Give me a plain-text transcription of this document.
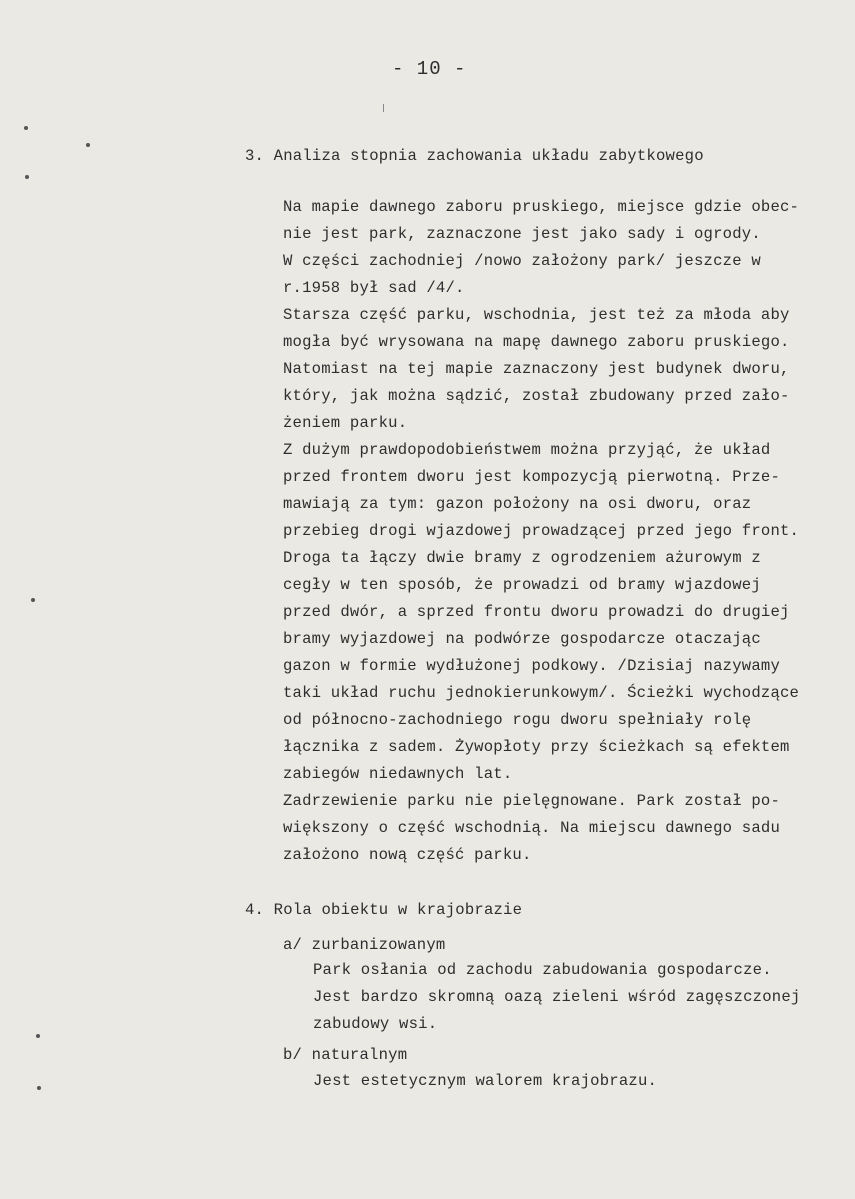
- 10 -
3. Analiza stopnia zachowania układu zabytkowego
Na mapie dawnego zaboru pruskiego, miejsce gdzie obec-
nie jest park, zaznaczone jest jako sady i ogrody.
W części zachodniej /nowo założony park/ jeszcze w
r.1958 był sad /4/.
Starsza część parku, wschodnia, jest też za młoda aby
mogła być wrysowana na mapę dawnego zaboru pruskiego.
Natomiast na tej mapie zaznaczony jest budynek dworu,
który, jak można sądzić, został zbudowany przed zało-
żeniem parku.
Z dużym prawdopodobieństwem można przyjąć, że układ
przed frontem dworu jest kompozycją pierwotną. Prze-
mawiają za tym: gazon położony na osi dworu, oraz
przebieg drogi wjazdowej prowadzącej przed jego front.
Droga ta łączy dwie bramy z ogrodzeniem ażurowym z
cegły w ten sposób, że prowadzi od bramy wjazdowej
przed dwór, a sprzed frontu dworu prowadzi do drugiej
bramy wyjazdowej na podwórze gospodarcze otaczając
gazon w formie wydłużonej podkowy. /Dzisiaj nazywamy
taki układ ruchu jednokierunkowym/. Ścieżki wychodzące
od północno-zachodniego rogu dworu spełniały rolę
łącznika z sadem. Żywopłoty przy ścieżkach są efektem
zabiegów niedawnych lat.
Zadrzewienie parku nie pielęgnowane. Park został po-
większony o część wschodnią. Na miejscu dawnego sadu
założono nową część parku.
4. Rola obiektu w krajobrazie
a/ zurbanizowanym
Park osłania od zachodu zabudowania gospodarcze.
Jest bardzo skromną oazą zieleni wśród zagęszczonej
zabudowy wsi.
b/ naturalnym
Jest estetycznym walorem krajobrazu.
